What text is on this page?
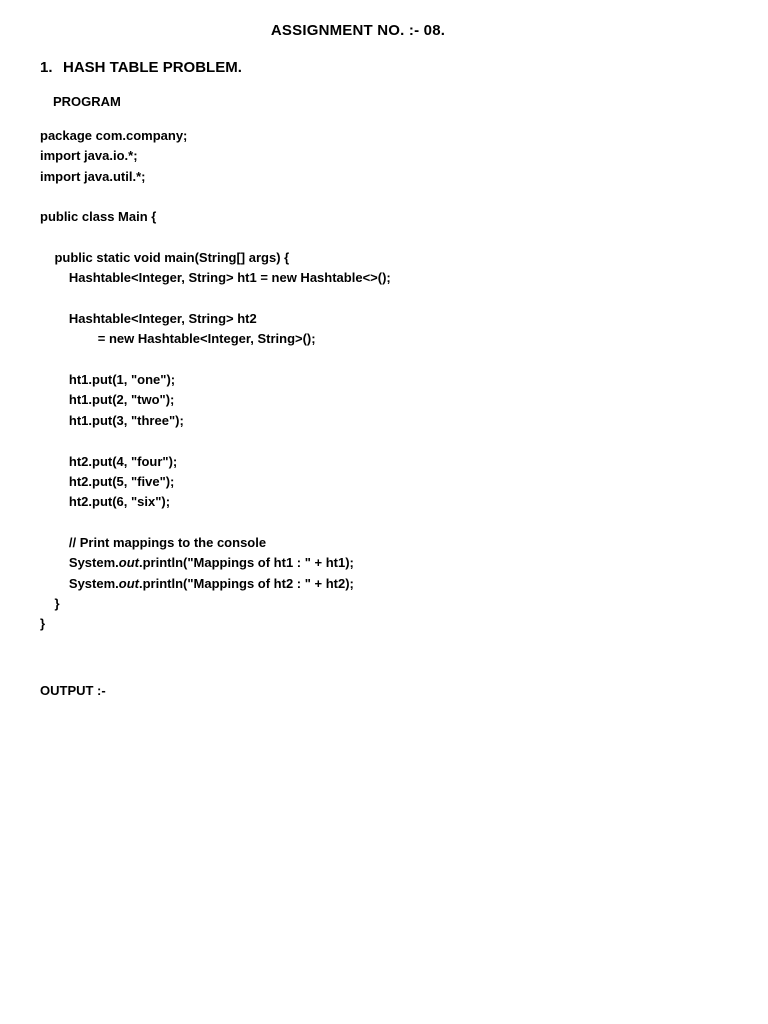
ASSIGNMENT NO. :- 08.
1. HASH TABLE PROBLEM.
PROGRAM
package com.company;
import java.io.*;
import java.util.*;
public class Main {
public static void main(String[] args) {
Hashtable<Integer, String> ht1 = new Hashtable<>();
Hashtable<Integer, String> ht2
= new Hashtable<Integer, String>();
ht1.put(1, "one");
ht1.put(2, "two");
ht1.put(3, "three");
ht2.put(4, "four");
ht2.put(5, "five");
ht2.put(6, "six");
// Print mappings to the console
System.out.println("Mappings of ht1 : " + ht1);
System.out.println("Mappings of ht2 : " + ht2);
}
}
OUTPUT :-
